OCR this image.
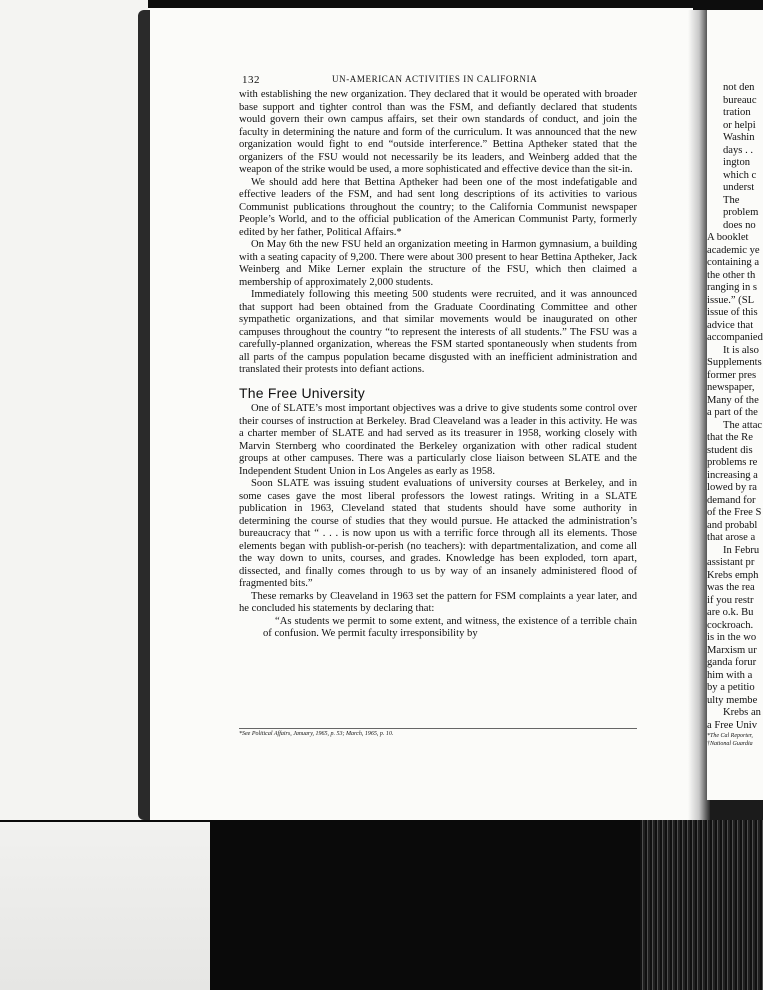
132	UN-AMERICAN ACTIVITIES IN CALIFORNIA

with establishing the new organization. They declared that it would be operated with broader base support and tighter control than was the FSM, and defiantly declared that students would govern their own campus affairs, set their own standards of conduct, and join the faculty in determining the nature and form of the curriculum. It was announced that the new organization would fight to end “outside interference.” Bettina Aptheker stated that the organizers of the FSU would not necessarily be its leaders, and Weinberg added that the weapon of the strike would be used, a more sophisticated and effective device than the sit-in.

We should add here that Bettina Aptheker had been one of the most indefatigable and effective leaders of the FSM, and had sent long descriptions of its activities to various Communist publications throughout the country; to the California Communist newspaper People’s World, and to the official publication of the American Communist Party, formerly edited by her father, Political Affairs.*

On May 6th the new FSU held an organization meeting in Harmon gymnasium, a building with a seating capacity of 9,200. There were about 300 present to hear Bettina Aptheker, Jack Weinberg and Mike Lerner explain the structure of the FSU, which then claimed a membership of approximately 2,000 students.

Immediately following this meeting 500 students were recruited, and it was announced that support had been obtained from the Graduate Coordinating Committee and other sympathetic organizations, and that similar movements would be inaugurated on other campuses throughout the country “to represent the interests of all students.” The FSU was a carefully-planned organization, whereas the FSM started spontaneously when students from all parts of the campus population became disgusted with an inefficient administration and translated their protests into defiant actions.

The Free University

One of SLATE’s most important objectives was a drive to give students some control over their courses of instruction at Berkeley. Brad Cleaveland was a leader in this activity. He was a charter member of SLATE and had served as its treasurer in 1958, working closely with Marvin Sternberg who coordinated the Berkeley organization with other radical student groups at other campuses. There was a particularly close liaison between SLATE and the Independent Student Union in Los Angeles as early as 1958.

Soon SLATE was issuing student evaluations of university courses at Berkeley, and in some cases gave the most liberal professors the lowest ratings. Writing in a SLATE publication in 1963, Cleveland stated that students should have some authority in determining the course of studies that they would pursue. He attacked the administration’s bureaucracy that “ . . . is now upon us with a terrific force through all its elements. Those elements began with publish-or-perish (no teachers): with departmentalization, and come all the way down to units, courses, and grades. Knowledge has been exploded, torn apart, dissected, and finally comes through to us by way of an insanely administered flood of fragmented bits.”

These remarks by Cleaveland in 1963 set the pattern for FSM complaints a year later, and he concluded his statements by declaring that:

“As students we permit to some extent, and witness, the existence of a terrible chain of confusion. We permit faculty irresponsibility by
*See Political Affairs, January, 1965, p. 53; March, 1965, p. 10.
not den
bureauc
tration
or helpi
Washin
days . .
ington
which c
underst
The
problem
does no
A booklet
academic ye
containing a
the other th
ranging in s
issue.” (SL
issue of this
advice that
accompanied
It is also
Supplements
former pres
newspaper,
Many of the
a part of the
The attac
that the Re
student dis
problems re
increasing a
lowed by ra
demand for
of the Free S
and probabl
that arose a
In Febru
assistant pr
Krebs emph
was the rea
if you restr
are o.k. Bu
cockroach.
is in the wo
Marxism ur
ganda forur
him with a
by a petitio
ulty membe
Krebs an
a Free Univ
*The Cal Reporter,
†National Guardia
